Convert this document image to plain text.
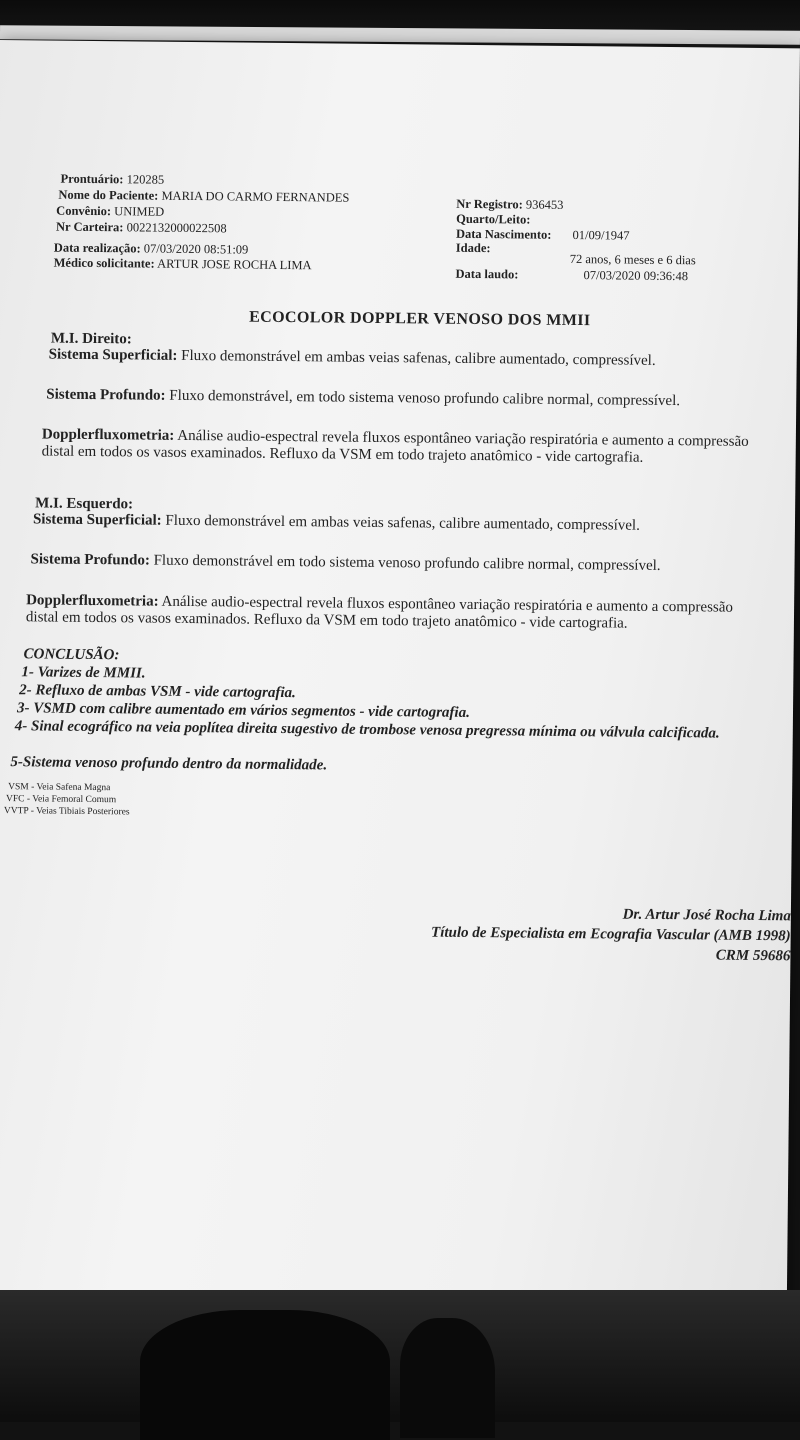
Prontuário: 120285
Nome do Paciente: MARIA DO CARMO FERNANDES
Convênio: UNIMED
Nr Carteira: 0022132000022508
Data realização: 07/03/2020 08:51:09
Médico solicitante: ARTUR JOSE ROCHA LIMA
Nr Registro: 936453
Quarto/Leito:
Data Nascimento: 01/09/1947
Idade:
72 anos, 6 meses e 6 dias
Data laudo:	07/03/2020 09:36:48
ECOCOLOR DOPPLER VENOSO DOS MMII
M.I. Direito:
Sistema Superficial: Fluxo demonstrável em ambas veias safenas, calibre aumentado, compressível.
Sistema Profundo: Fluxo demonstrável, em todo sistema venoso profundo calibre normal, compressível.
Dopplerfluxometria: Análise audio-espectral revela fluxos espontâneo variação respiratória e aumento a compressão distal em todos os vasos examinados. Refluxo da VSM em todo trajeto anatômico - vide cartografia.
M.I. Esquerdo:
Sistema Superficial: Fluxo demonstrável em ambas veias safenas, calibre aumentado, compressível.
Sistema Profundo: Fluxo demonstrável em todo sistema venoso profundo calibre normal, compressível.
Dopplerfluxometria: Análise audio-espectral revela fluxos espontâneo variação respiratória e aumento a compressão distal em todos os vasos examinados. Refluxo da VSM em todo trajeto anatômico - vide cartografia.
CONCLUSÃO:
1- Varizes de MMII.
2- Refluxo de ambas VSM - vide cartografia.
3- VSMD com calibre aumentado em vários segmentos - vide cartografia.
4- Sinal ecográfico na veia poplítea direita sugestivo de trombose venosa pregressa mínima ou válvula calcificada.
5-Sistema venoso profundo dentro da normalidade.
VSM - Veia Safena Magna
VFC - Veia Femoral Comum
VVTP - Veias Tibiais Posteriores
Dr. Artur José Rocha Lima
Título de Especialista em Ecografia Vascular (AMB 1998)
CRM 59686
